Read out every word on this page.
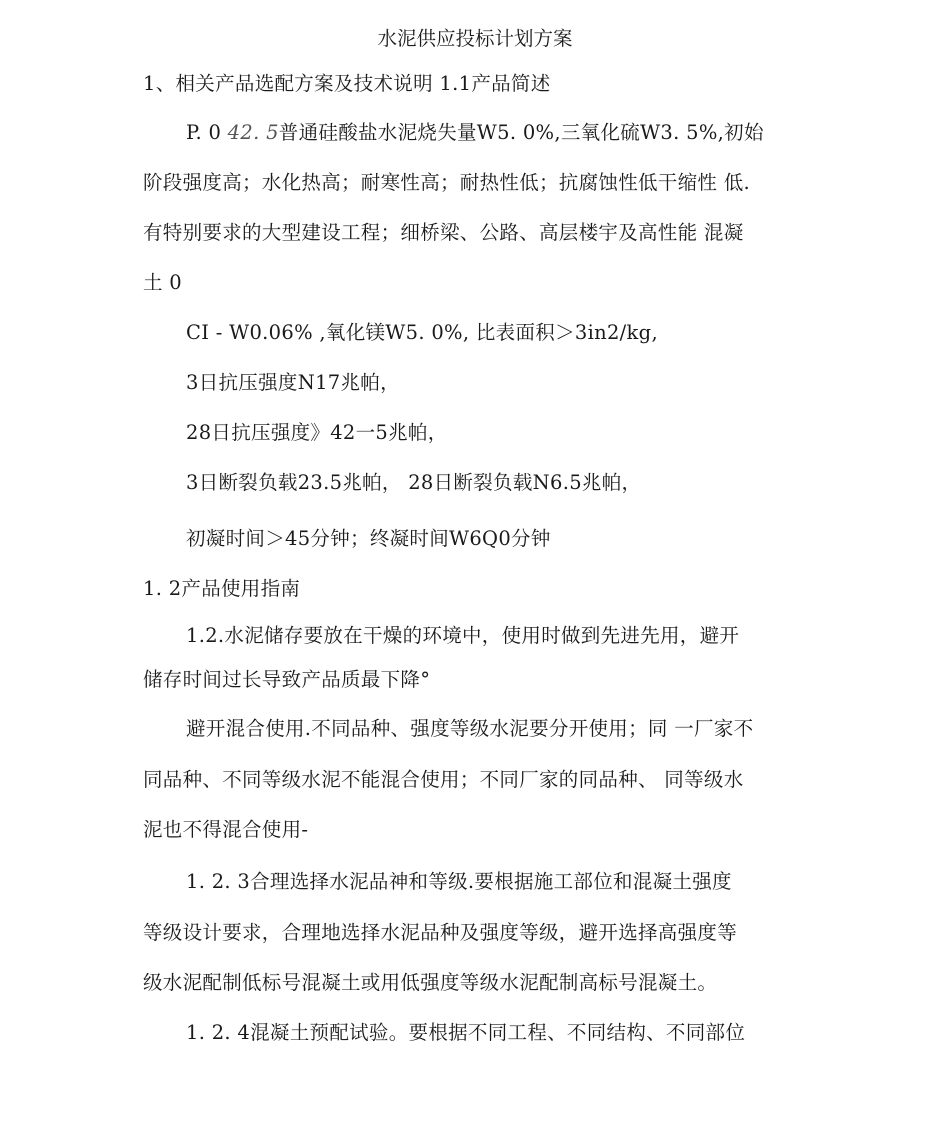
水泥供应投标计划方案
1、相关产品选配方案及技术说明 1.1产品简述
P. 0 42. 5普通硅酸盐水泥烧失量W5. 0%,三氧化硫W3. 5%,初始
阶段强度高；水化热高；耐寒性高；耐热性低；抗腐蚀性低干缩性 低.
有特别要求的大型建设工程；细桥梁、公路、高层楼宇及高性能 混凝
土 0
CI - W0.06% ,氧化镁W5. 0%, 比表面积＞3in2/kg,
3日抗压强度N17兆帕，
28日抗压强度》42一5兆帕，
3日断裂负载23.5兆帕， 28日断裂负载N6.5兆帕，
初凝时间＞45分钟；终凝时间W6Q0分钟
1. 2产品使用指南
1.2.水泥储存要放在干燥的环境中，使用时做到先进先用，避开
储存时间过长导致产品质最下降°
避开混合使用.不同品种、强度等级水泥要分开使用；同 一厂家不
同品种、不同等级水泥不能混合使用；不同厂家的同品种、 同等级水
泥也不得混合使用-
1. 2. 3合理选择水泥品神和等级.要根据施工部位和混凝土强度
等级设计要求，合理地选择水泥品种及强度等级，避开选择高强度等
级水泥配制低标号混凝土或用低强度等级水泥配制高标号混凝土。
1. 2. 4混凝土预配试验。要根据不同工程、不同结构、不同部位
